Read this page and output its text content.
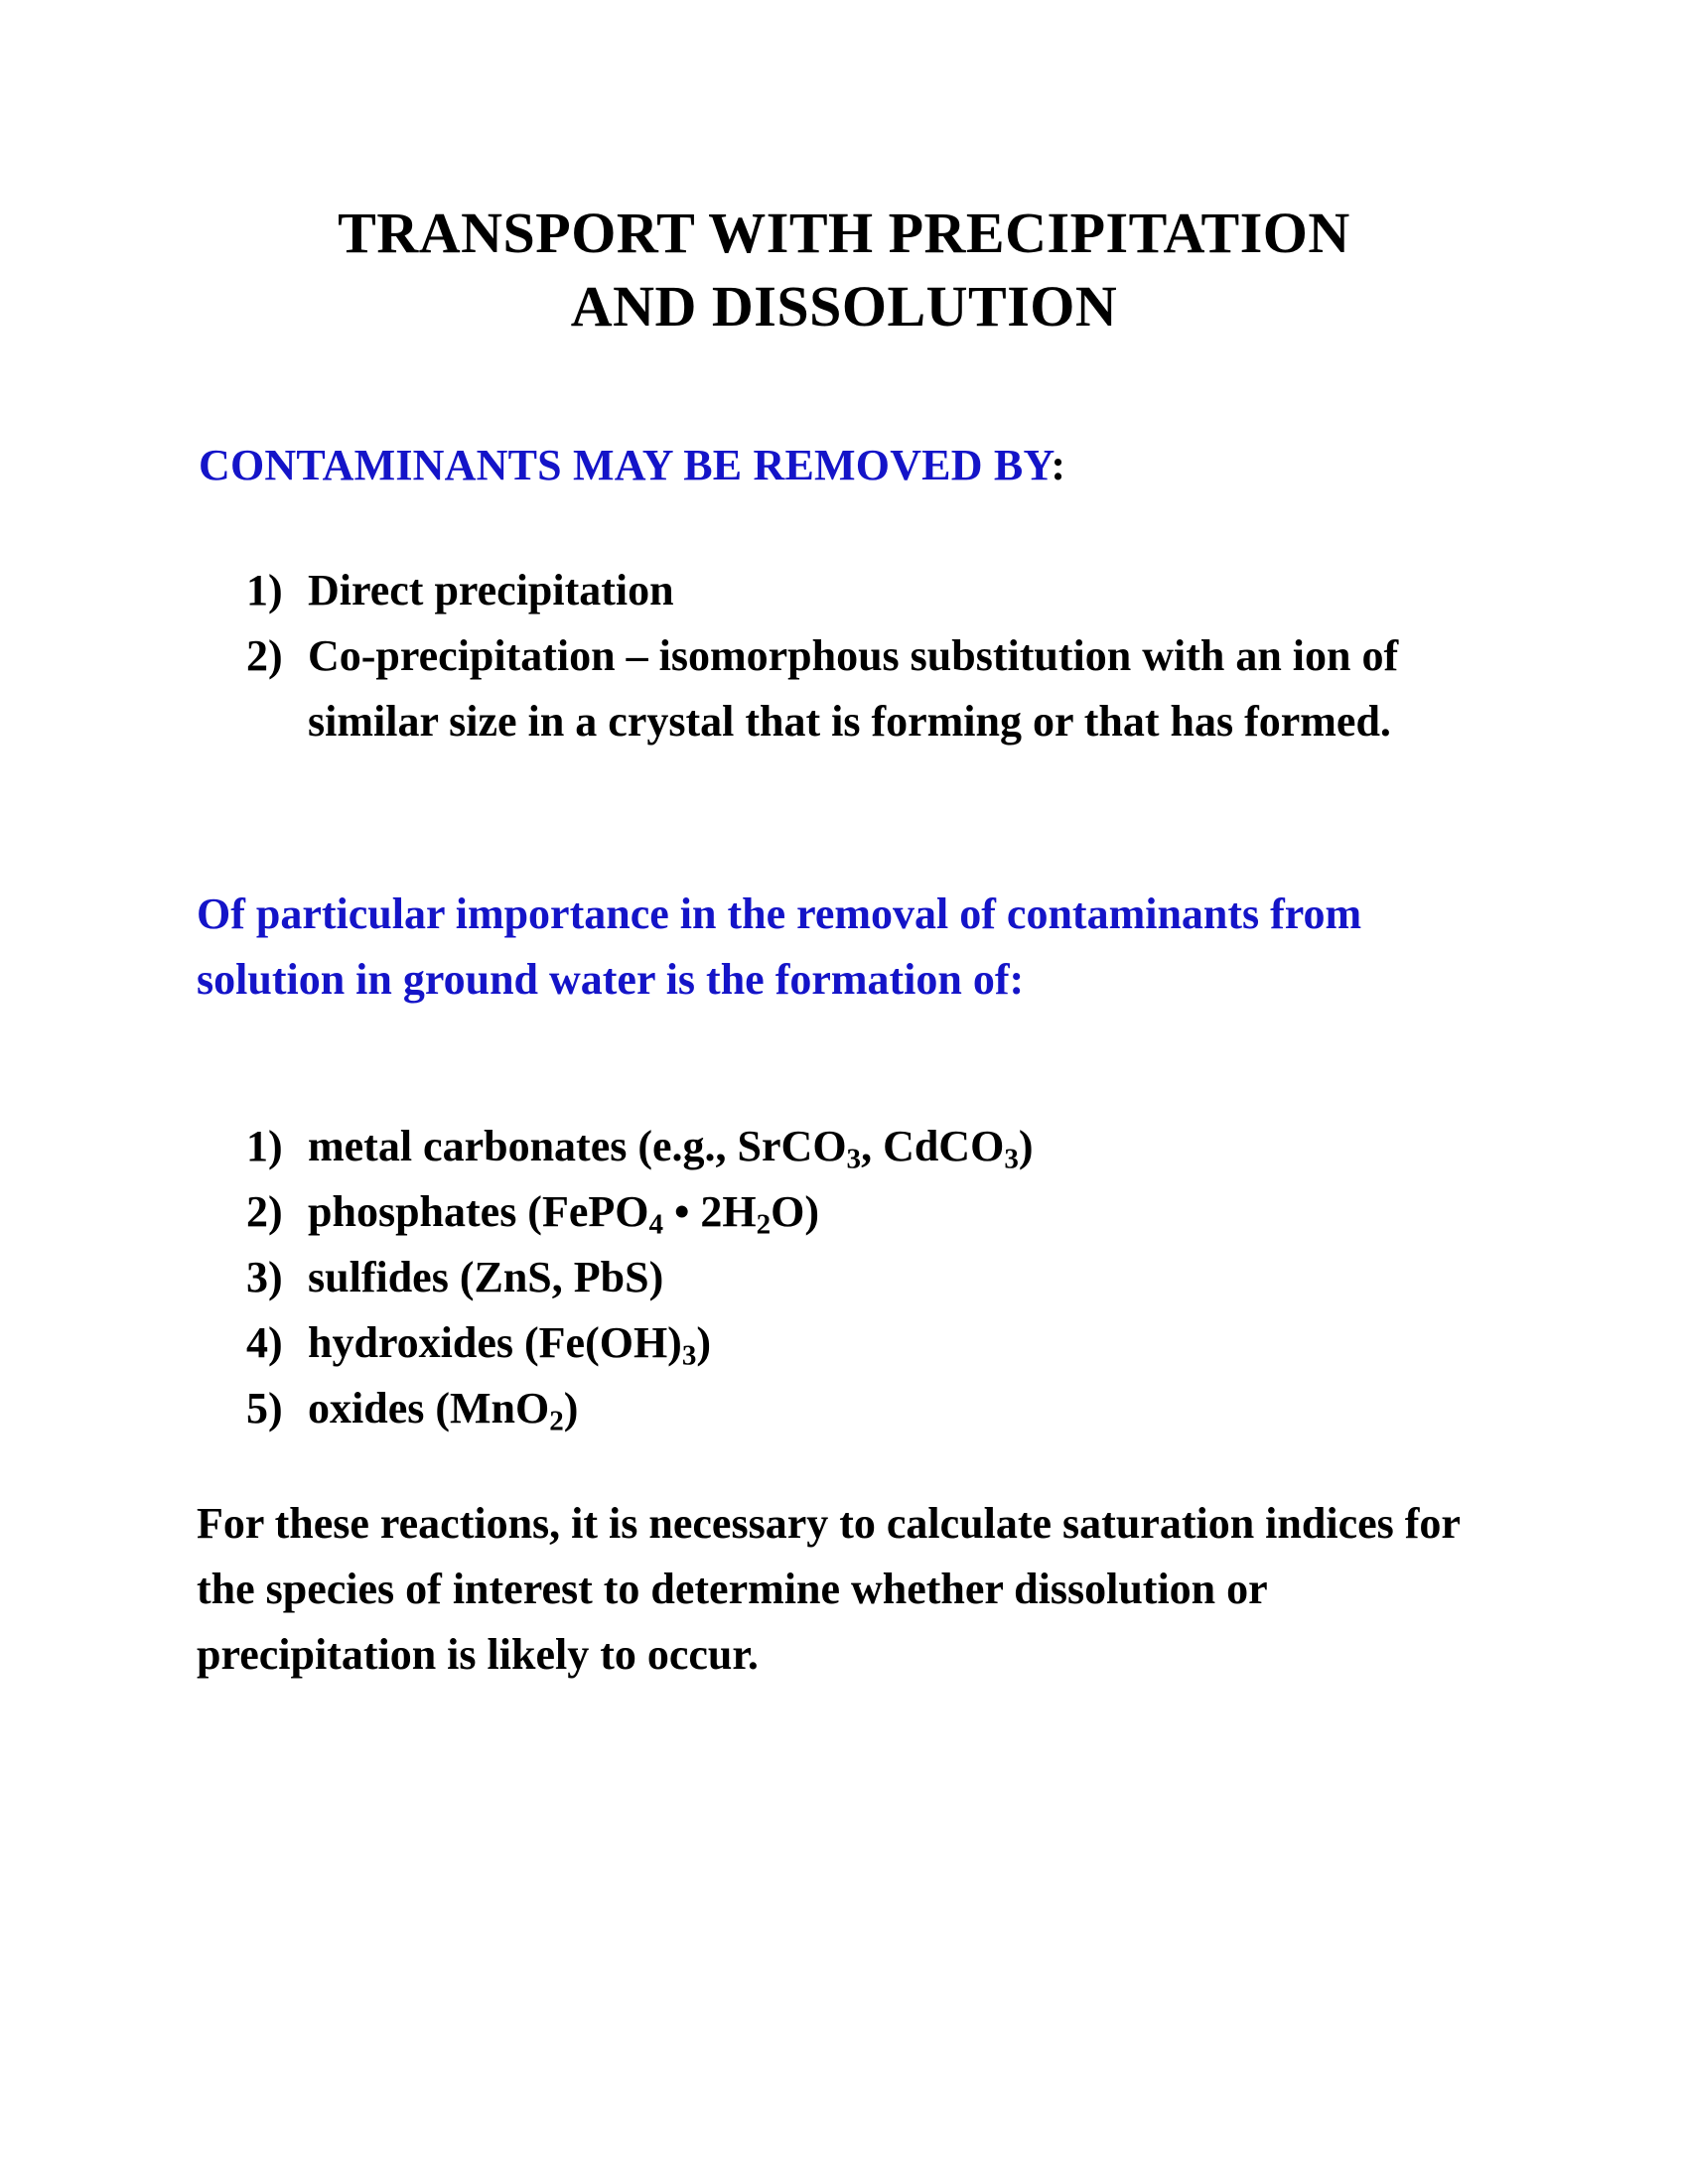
TRANSPORT WITH PRECIPITATION
AND DISSOLUTION
CONTAMINANTS MAY BE REMOVED BY:
1) Direct precipitation
2) Co-precipitation – isomorphous substitution with an ion of similar size in a crystal that is forming or that has formed.
Of particular importance in the removal of contaminants from solution in ground water is the formation of:
1) metal carbonates (e.g., SrCO$_3$, CdCO$_3$)
2) phosphates (FePO$_4$ • $2H_2O$)
3) sulfides (ZnS, PbS)
4) hydroxides $(Fe(OH)_3)$
5) oxides (MnO$_2$)
For these reactions, it is necessary to calculate saturation indices for the species of interest to determine whether dissolution or precipitation is likely to occur.
